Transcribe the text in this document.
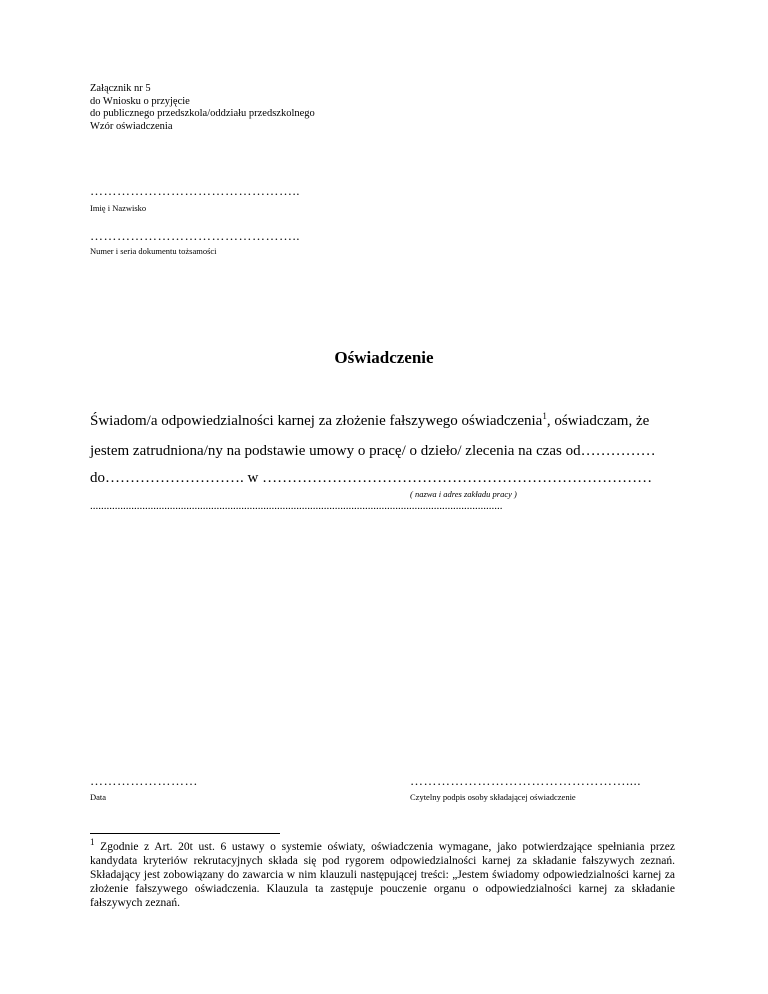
Załącznik nr 5
do Wniosku o przyjęcie
do publicznego przedszkola/oddziału przedszkolnego
Wzór oświadczenia
………………………………………..
Imię i Nazwisko
………………………………………..
Numer i seria dokumentu tożsamości
Oświadczenie
Świadom/a odpowiedzialności karnej za złożenie fałszywego oświadczenia$^1$, oświadczam, że
jestem zatrudniona/ny na podstawie umowy o pracę/ o dzieło/ zlecenia na czas od……………
do………………………. w ……………………………………………………………………
( nazwa i adres zakładu pracy )
......................................................................................................................................................
……………………
Data
…………………………………………....
Czytelny podpis osoby składającej oświadczenie
$^1$ Zgodnie z Art. 20t ust. 6 ustawy o systemie oświaty, oświadczenia wymagane, jako potwierdzające spełniania przez kandydata kryteriów rekrutacyjnych składa się pod rygorem odpowiedzialności karnej za składanie fałszywych zeznań. Składający jest zobowiązany do zawarcia w nim klauzuli następującej treści: „Jestem świadomy odpowiedzialności karnej za złożenie fałszywego oświadczenia. Klauzula ta zastępuje pouczenie organu o odpowiedzialności karnej za składanie fałszywych zeznań.
